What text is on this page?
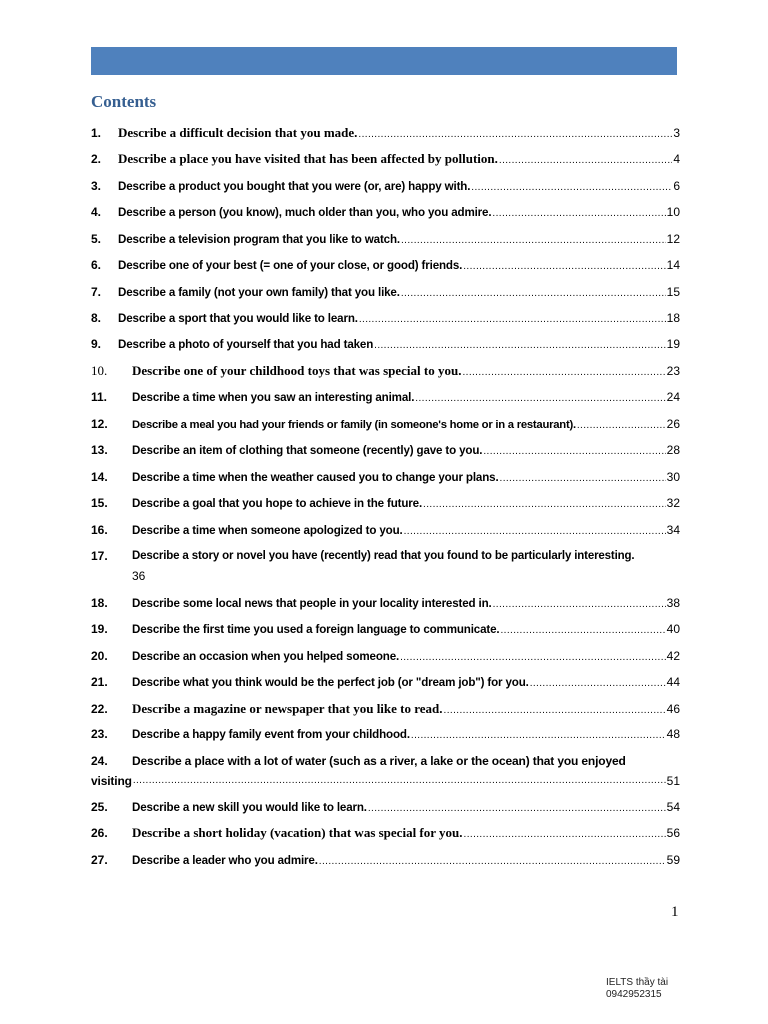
Contents
1.	Describe a difficult decision that you made. .....	3
2.	Describe a place you have visited that has been affected by pollution. .....	4
3.	Describe a product you bought that you were (or, are) happy with. .....	6
4.	Describe a person (you know), much older than you, who you admire. .....	10
5.	Describe a television program that you like to watch. .....	12
6.	Describe one of your best (= one of your close, or good) friends. .....	14
7.	Describe a family (not your own family) that you like. .....	15
8.	Describe a sport that you would like to learn. .....	18
9.	Describe a photo of yourself that you had taken .....	19
10.	Describe one of your childhood toys that was special to you. .....	23
11.	Describe a time when you saw an interesting animal. .....	24
12.	Describe a meal you had your friends or family (in someone's home or in a restaurant). .....	26
13.	Describe an item of clothing that someone (recently) gave to you. .....	28
14.	Describe a time when the weather caused you to change your plans. .....	30
15.	Describe a goal that you hope to achieve in the future. .....	32
16.	Describe a time when someone apologized to you. .....	34
17.	Describe a story or novel you have (recently) read that you found to be particularly interesting.
36
18.	Describe some local news that people in your locality interested in. .....	38
19.	Describe the first time you used a foreign language to communicate. .....	40
20.	Describe an occasion when you helped someone. .....	42
21.	Describe what you think would be the perfect job (or "dream job") for you. .....	44
22.	Describe a magazine or newspaper that you like to read. .....	46
23.	Describe a happy family event from your childhood. .....	48
24.	Describe a place with a lot of water (such as a river, a lake or the ocean) that you enjoyed
visiting .....	51
25.	Describe a new skill you would like to learn. .....	54
26.	Describe a short holiday (vacation) that was special for you. .....	56
27.	Describe a leader who you admire. .....	59
1
IELTS thầy tài
0942952315
